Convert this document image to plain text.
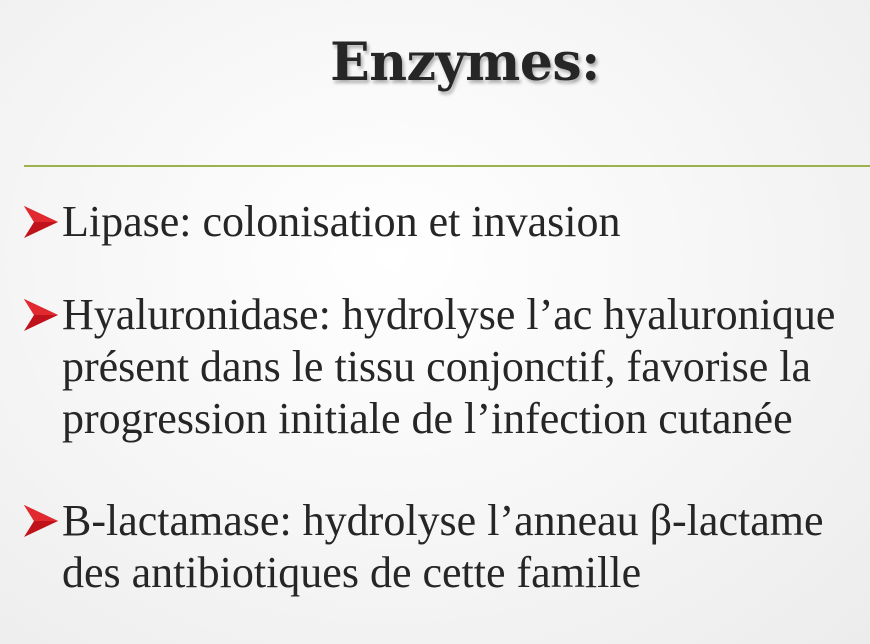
Enzymes:
Lipase: colonisation et invasion
Hyaluronidase: hydrolyse l’ac hyaluronique
présent dans le tissu conjonctif, favorise la
progression initiale de l’infection cutanée
B-lactamase: hydrolyse l’anneau β-lactame
des antibiotiques de cette famille
